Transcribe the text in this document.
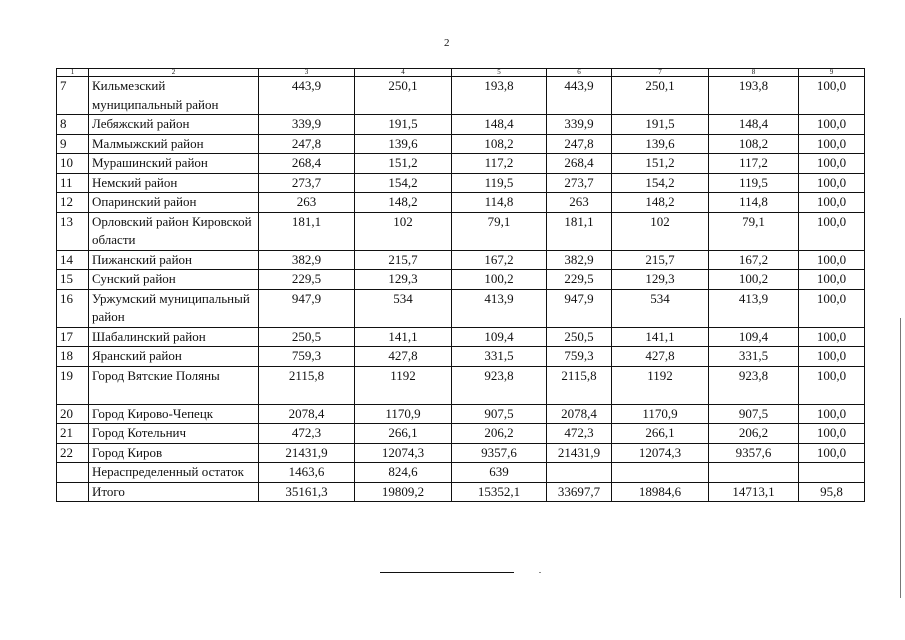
2
1	2	3	4	5	6	7	8	9
7	Кильмезский муниципальный район	443,9	250,1	193,8	443,9	250,1	193,8	100,0
8	Лебяжский район	339,9	191,5	148,4	339,9	191,5	148,4	100,0
9	Малмыжский район	247,8	139,6	108,2	247,8	139,6	108,2	100,0
10	Мурашинский район	268,4	151,2	117,2	268,4	151,2	117,2	100,0
11	Немский район	273,7	154,2	119,5	273,7	154,2	119,5	100,0
12	Опаринский район	263	148,2	114,8	263	148,2	114,8	100,0
13	Орловский район Кировской области	181,1	102	79,1	181,1	102	79,1	100,0
14	Пижанский район	382,9	215,7	167,2	382,9	215,7	167,2	100,0
15	Сунский район	229,5	129,3	100,2	229,5	129,3	100,2	100,0
16	Уржумский муниципальный район	947,9	534	413,9	947,9	534	413,9	100,0
17	Шабалинский район	250,5	141,1	109,4	250,5	141,1	109,4	100,0
18	Яранский район	759,3	427,8	331,5	759,3	427,8	331,5	100,0
19	Город Вятские Поляны	2115,8	1192	923,8	2115,8	1192	923,8	100,0
20	Город Кирово-Чепецк	2078,4	1170,9	907,5	2078,4	1170,9	907,5	100,0
21	Город Котельнич	472,3	266,1	206,2	472,3	266,1	206,2	100,0
22	Город Киров	21431,9	12074,3	9357,6	21431,9	12074,3	9357,6	100,0
	Нераспределенный остаток	1463,6	824,6	639				
	Итого	35161,3	19809,2	15352,1	33697,7	18984,6	14713,1	95,8
